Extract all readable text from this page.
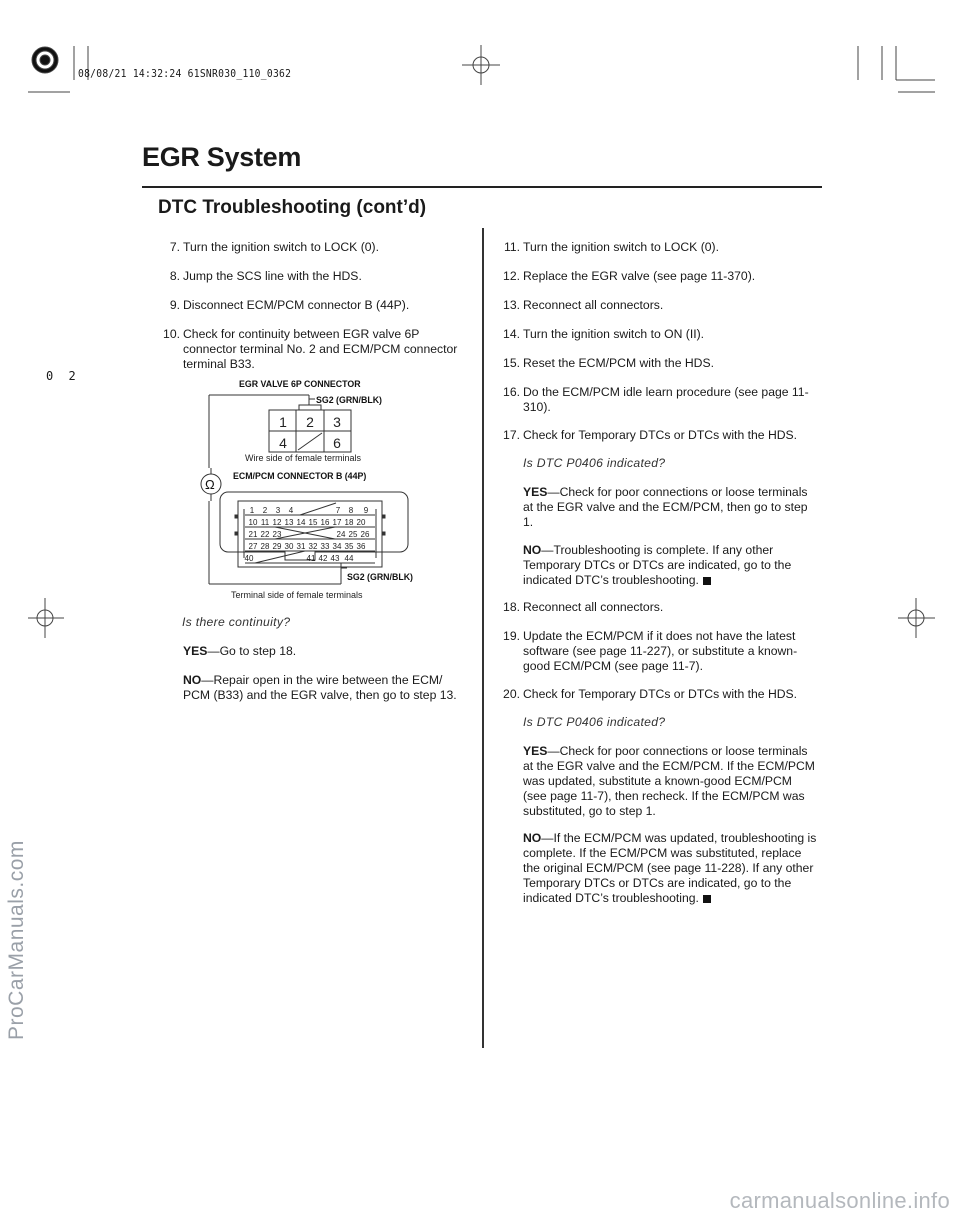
08/08/21 14:32:24 61SNR030_110_0362
0 2
EGR System
DTC Troubleshooting (cont’d)
7. Turn the ignition switch to LOCK (0).
8. Jump the SCS line with the HDS.
9. Disconnect ECM/PCM connector B (44P).
10. Check for continuity between EGR valve 6P connector terminal No. 2 and ECM/PCM connector terminal B33.
Is there continuity?
YES—Go to step 18.
NO—Repair open in the wire between the ECM/ PCM (B33) and the EGR valve, then go to step 13.
EGR VALVE 6P CONNECTOR
SG2 (GRN/BLK)
ECM/PCM CONNECTOR B (44P)
SG2 (GRN/BLK)
Wire side of female terminals
Terminal side of female terminals
Ω
1 2 3
4	6
1 2 3 4	7 8 9
10 11 12 13 14 15 16 17 18 20
21 22 23	24 25 26
27 28 29 30 31 32 33 34 35 36
40	41 42 43 44
11. Turn the ignition switch to LOCK (0).
12. Replace the EGR valve (see page 11-370).
13. Reconnect all connectors.
14. Turn the ignition switch to ON (II).
15. Reset the ECM/PCM with the HDS.
16. Do the ECM/PCM idle learn procedure (see page 11-310).
17. Check for Temporary DTCs or DTCs with the HDS.
Is DTC P0406 indicated?
YES—Check for poor connections or loose terminals at the EGR valve and the ECM/PCM, then go to step 1.
NO—Troubleshooting is complete. If any other Temporary DTCs or DTCs are indicated, go to the indicated DTC’s troubleshooting.
18. Reconnect all connectors.
19. Update the ECM/PCM if it does not have the latest software (see page 11-227), or substitute a known-good ECM/PCM (see page 11-7).
20. Check for Temporary DTCs or DTCs with the HDS.
Is DTC P0406 indicated?
YES—Check for poor connections or loose terminals at the EGR valve and the ECM/PCM. If the ECM/PCM was updated, substitute a known-good ECM/PCM (see page 11-7), then recheck. If the ECM/PCM was substituted, go to step 1.
NO—If the ECM/PCM was updated, troubleshooting is complete. If the ECM/PCM was substituted, replace the original ECM/PCM (see page 11-228). If any other Temporary DTCs or DTCs are indicated, go to the indicated DTC’s troubleshooting.
ProCarManuals.com
carmanualsonline.info
